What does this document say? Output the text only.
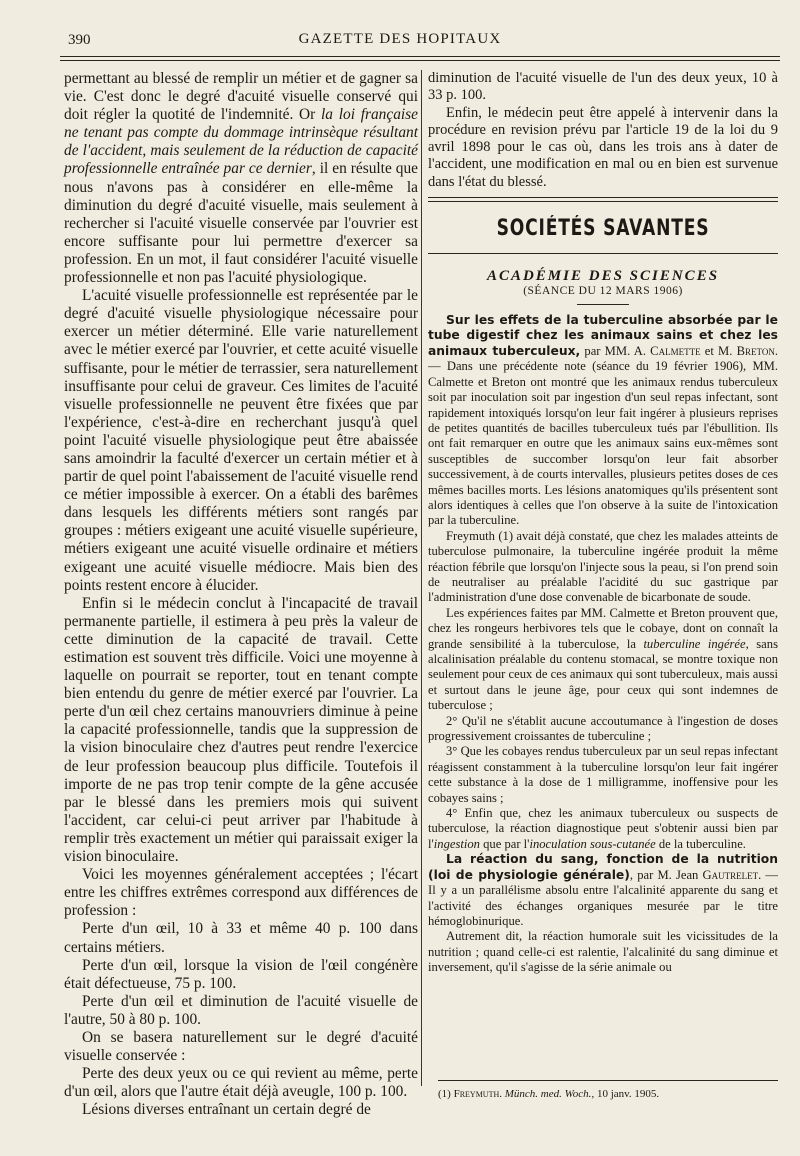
390	GAZETTE DES HOPITAUX

permettant au blessé de remplir un métier et de gagner sa vie. C'est donc le degré d'acuité visuelle conservé qui doit régler la quotité de l'indemnité. Or la loi française ne tenant pas compte du dommage intrinsèque résultant de l'accident, mais seulement de la réduction de capacité professionnelle entraînée par ce dernier, il en résulte que nous n'avons pas à considérer en elle-même la diminution du degré d'acuité visuelle, mais seulement à rechercher si l'acuité visuelle conservée par l'ouvrier est encore suffisante pour lui permettre d'exercer sa profession. En un mot, il faut considérer l'acuité visuelle professionnelle et non pas l'acuité physiologique.

L'acuité visuelle professionnelle est représentée par le degré d'acuité visuelle physiologique nécessaire pour exercer un métier déterminé. Elle varie naturellement avec le métier exercé par l'ouvrier, et cette acuité visuelle suffisante, pour le métier de terrassier, sera naturellement insuffisante pour celui de graveur. Ces limites de l'acuité visuelle professionnelle ne peuvent être fixées que par l'expérience, c'est-à-dire en recherchant jusqu'à quel point l'acuité visuelle physiologique peut être abaissée sans amoindrir la faculté d'exercer un certain métier et à partir de quel point l'abaissement de l'acuité visuelle rend ce métier impossible à exercer. On a établi des barêmes dans lesquels les différents métiers sont rangés par groupes : métiers exigeant une acuité visuelle supérieure, métiers exigeant une acuité visuelle ordinaire et métiers exigeant une acuité visuelle médiocre. Mais bien des points restent encore à élucider.

Enfin si le médecin conclut à l'incapacité de travail permanente partielle, il estimera à peu près la valeur de cette diminution de la capacité de travail. Cette estimation est souvent très difficile. Voici une moyenne à laquelle on pourrait se reporter, tout en tenant compte bien entendu du genre de métier exercé par l'ouvrier. La perte d'un œil chez certains manouvriers diminue à peine la capacité professionnelle, tandis que la suppression de la vision binoculaire chez d'autres peut rendre l'exercice de leur profession beaucoup plus difficile. Toutefois il importe de ne pas trop tenir compte de la gêne accusée par le blessé dans les premiers mois qui suivent l'accident, car celui-ci peut arriver par l'habitude à remplir très exactement un métier qui paraissait exiger la vision binoculaire.

Voici les moyennes généralement acceptées ; l'écart entre les chiffres extrêmes correspond aux différences de profession :

Perte d'un œil, 10 à 33 et même 40 p. 100 dans certains métiers.

Perte d'un œil, lorsque la vision de l'œil congénère était défectueuse, 75 p. 100.

Perte d'un œil et diminution de l'acuité visuelle de l'autre, 50 à 80 p. 100.

On se basera naturellement sur le degré d'acuité visuelle conservée :

Perte des deux yeux ou ce qui revient au même, perte d'un œil, alors que l'autre était déjà aveugle, 100 p. 100.

Lésions diverses entraînant un certain degré de

diminution de l'acuité visuelle de l'un des deux yeux, 10 à 33 p. 100.

Enfin, le médecin peut être appelé à intervenir dans la procédure en revision prévu par l'article 19 de la loi du 9 avril 1898 pour le cas où, dans les trois ans à dater de l'accident, une modification en mal ou en bien est survenue dans l'état du blessé.

SOCIÉTÉS SAVANTES

ACADÉMIE DES SCIENCES

(SÉANCE DU 12 MARS 1906)

Sur les effets de la tuberculine absorbée par le tube digestif chez les animaux sains et chez les animaux tuberculeux, par MM. A. Calmette et M. Breton. — Dans une précédente note (séance du 19 février 1906), MM. Calmette et Breton ont montré que les animaux rendus tuberculeux soit par inoculation soit par ingestion d'un seul repas infectant, sont rapidement intoxiqués lorsqu'on leur fait ingérer à plusieurs reprises de petites quantités de bacilles tuberculeux tués par l'ébullition. Ils ont fait remarquer en outre que les animaux sains eux-mêmes sont susceptibles de succomber lorsqu'on leur fait absorber successivement, à de courts intervalles, plusieurs petites doses de ces mêmes bacilles morts. Les lésions anatomiques qu'ils présentent sont alors identiques à celles que l'on observe à la suite de l'intoxication par la tuberculine.

Freymuth (1) avait déjà constaté, que chez les malades atteints de tuberculose pulmonaire, la tuberculine ingérée produit la même réaction fébrile que lorsqu'on l'injecte sous la peau, si l'on prend soin de neutraliser au préalable l'acidité du suc gastrique par l'administration d'une dose convenable de bicarbonate de soude.

Les expériences faites par MM. Calmette et Breton prouvent que, chez les rongeurs herbivores tels que le cobaye, dont on connaît la grande sensibilité à la tuberculose, la tuberculine ingérée, sans alcalinisation préalable du contenu stomacal, se montre toxique non seulement pour ceux de ces animaux qui sont tuberculeux, mais aussi et surtout dans le jeune âge, pour ceux qui sont indemnes de tuberculose ;

2° Qu'il ne s'établit aucune accoutumance à l'ingestion de doses progressivement croissantes de tuberculine ;

3° Que les cobayes rendus tuberculeux par un seul repas infectant réagissent constamment à la tuberculine lorsqu'on leur fait ingérer cette substance à la dose de 1 milligramme, inoffensive pour les cobayes sains ;

4° Enfin que, chez les animaux tuberculeux ou suspects de tuberculose, la réaction diagnostique peut s'obtenir aussi bien par l'ingestion que par l'inoculation sous-cutanée de la tuberculine.

La réaction du sang, fonction de la nutrition (loi de physiologie générale), par M. Jean Gautrelet. — Il y a un parallélisme absolu entre l'alcalinité apparente du sang et l'activité des échanges organiques mesurée par le titre hémoglobinurique.

Autrement dit, la réaction humorale suit les vicissitudes de la nutrition ; quand celle-ci est ralentie, l'alcalinité du sang diminue et inversement, qu'il s'agisse de la série animale ou

(1) Freymuth. Münch. med. Woch., 10 janv. 1905.
